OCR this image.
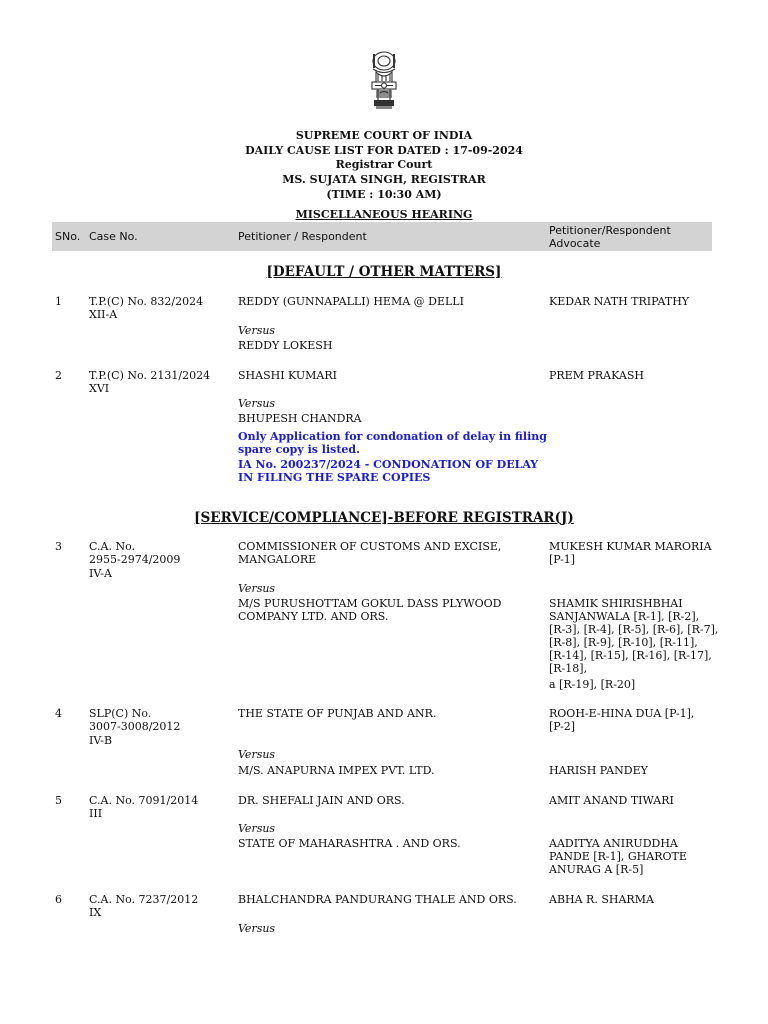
SUPREME COURT OF INDIA
DAILY CAUSE LIST FOR DATED : 17-09-2024
Registrar Court
MS. SUJATA SINGH, REGISTRAR
(TIME : 10:30 AM)
MISCELLANEOUS HEARING
SNo. Case No.	Petitioner / Respondent	Petitioner/Respondent
Advocate
[DEFAULT / OTHER MATTERS]
1 T.P.(C) No. 832/2024
XII-A
REDDY (GUNNAPALLI) HEMA @ DELLI
Versus
REDDY LOKESH
KEDAR NATH TRIPATHY
2 T.P.(C) No. 2131/2024
XVI
SHASHI KUMARI
Versus
BHUPESH CHANDRA
Only Application for condonation of delay in filing
spare copy is listed.
IA No. 200237/2024 - CONDONATION OF DELAY
IN FILING THE SPARE COPIES
PREM PRAKASH
[SERVICE/COMPLIANCE]-BEFORE REGISTRAR(J)
3 C.A. No.
2955-2974/2009
IV-A
COMMISSIONER OF CUSTOMS AND EXCISE,
MANGALORE
Versus
M/S PURUSHOTTAM GOKUL DASS PLYWOOD
COMPANY LTD. AND ORS.
MUKESH KUMAR MARORIA
[P-1]
SHAMIK SHIRISHBHAI
SANJANWALA [R-1], [R-2],
[R-3], [R-4], [R-5], [R-6], [R-7],
[R-8], [R-9], [R-10], [R-11],
[R-14], [R-15], [R-16], [R-17],
[R-18],
a [R-19], [R-20]
4 SLP(C) No.
3007-3008/2012
IV-B
THE STATE OF PUNJAB AND ANR.
Versus
M/S. ANAPURNA IMPEX PVT. LTD.
ROOH-E-HINA DUA [P-1],
[P-2]
HARISH PANDEY
5 C.A. No. 7091/2014
III
DR. SHEFALI JAIN AND ORS.
Versus
STATE OF MAHARASHTRA . AND ORS.
AMIT ANAND TIWARI
AADITYA ANIRUDDHA
PANDE [R-1], GHAROTE
ANURAG A [R-5]
6 C.A. No. 7237/2012
IX
BHALCHANDRA PANDURANG THALE AND ORS.
Versus
ABHA R. SHARMA
